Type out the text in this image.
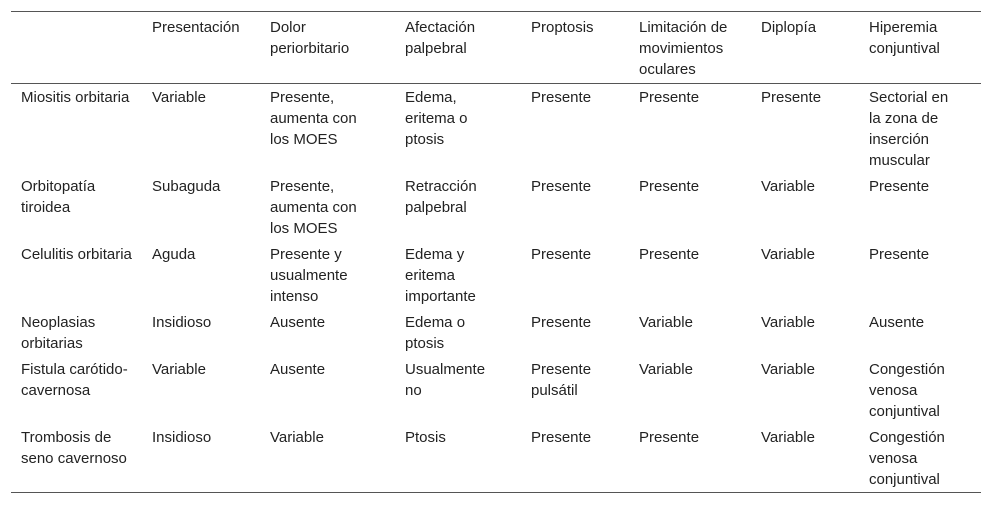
	Presentación	Dolor periorbitario	Afectación palpebral	Proptosis	Limitación de movimientos oculares	Diplopía	Hiperemia conjuntival
Miositis orbitaria	Variable	Presente, aumenta con los MOES	Edema, eritema o ptosis	Presente	Presente	Presente	Sectorial en la zona de inserción muscular
Orbitopatía tiroidea	Subaguda	Presente, aumenta con los MOES	Retracción palpebral	Presente	Presente	Variable	Presente
Celulitis orbitaria	Aguda	Presente y usualmente intenso	Edema y eritema importante	Presente	Presente	Variable	Presente
Neoplasias orbitarias	Insidioso	Ausente	Edema o ptosis	Presente	Variable	Variable	Ausente
Fistula carótido-cavernosa	Variable	Ausente	Usualmente no	Presente pulsátil	Variable	Variable	Congestión venosa conjuntival
Trombosis de seno cavernoso	Insidioso	Variable	Ptosis	Presente	Presente	Variable	Congestión venosa conjuntival
